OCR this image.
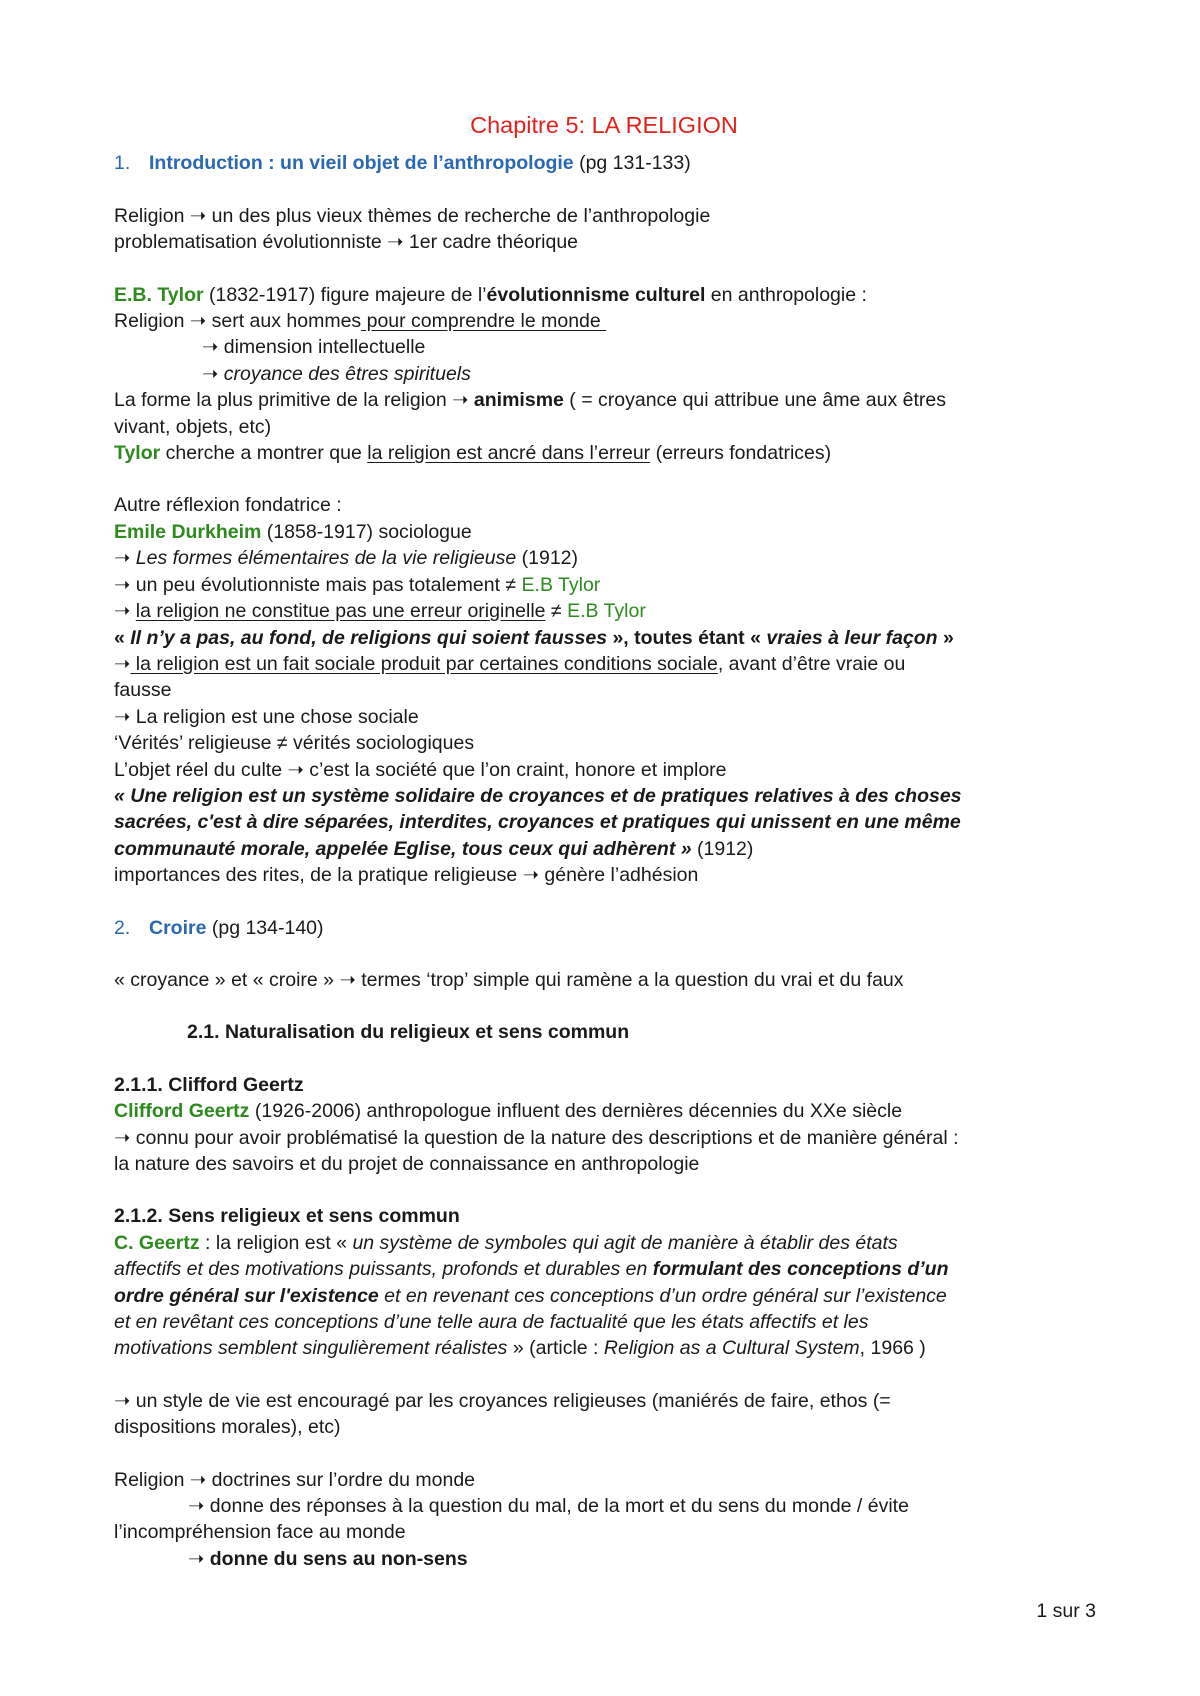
Chapitre 5: LA RELIGION
1. Introduction : un vieil objet de l’anthropologie (pg 131-133)
Religion ➝ un des plus vieux thèmes de recherche de l’anthropologie
problematisation évolutionniste ➝ 1er cadre théorique
E.B. Tylor (1832-1917) figure majeure de l’évolutionnisme culturel en anthropologie :
Religion ➝ sert aux hommes pour comprendre le monde
➝ dimension intellectuelle
➝ croyance des êtres spirituels
La forme la plus primitive de la religion ➝ animisme ( = croyance qui attribue une âme aux êtres
vivant, objets, etc)
Tylor cherche a montrer que la religion est ancré dans l’erreur (erreurs fondatrices)
Autre réflexion fondatrice :
Emile Durkheim (1858-1917) sociologue
➝ Les formes élémentaires de la vie religieuse (1912)
➝ un peu évolutionniste mais pas totalement ≠ E.B Tylor
➝ la religion ne constitue pas une erreur originelle ≠ E.B Tylor
« Il n’y a pas, au fond, de religions qui soient fausses », toutes étant « vraies à leur façon »
➝ la religion est un fait sociale produit par certaines conditions sociale, avant d’être vraie ou
fausse
➝ La religion est une chose sociale
‘Vérités’ religieuse ≠ vérités sociologiques
L’objet réel du culte ➝ c’est la société que l’on craint, honore et implore
« Une religion est un système solidaire de croyances et de pratiques relatives à des choses
sacrées, c'est à dire séparées, interdites, croyances et pratiques qui unissent en une même
communauté morale, appelée Eglise, tous ceux qui adhèrent » (1912)
importances des rites, de la pratique religieuse ➝ génère l’adhésion
2. Croire (pg 134-140)
« croyance » et « croire » ➝ termes ‘trop’ simple qui ramène a la question du vrai et du faux
2.1. Naturalisation du religieux et sens commun
2.1.1. Clifford Geertz
Clifford Geertz (1926-2006) anthropologue influent des dernières décennies du XXe siècle
➝ connu pour avoir problématisé la question de la nature des descriptions et de manière général :
la nature des savoirs et du projet de connaissance en anthropologie
2.1.2. Sens religieux et sens commun
C. Geertz : la religion est « un système de symboles qui agit de manière à établir des états
affectifs et des motivations puissants, profonds et durables en formulant des conceptions d’un
ordre général sur l'existence et en revenant ces conceptions d’un ordre général sur l’existence
et en revêtant ces conceptions d’une telle aura de factualité que les états affectifs et les
motivations semblent singulièrement réalistes » (article : Religion as a Cultural System, 1966 )
➝ un style de vie est encouragé par les croyances religieuses (maniérés de faire, ethos (=
dispositions morales), etc)
Religion ➝ doctrines sur l’ordre du monde
➝ donne des réponses à la question du mal, de la mort et du sens du monde / évite
l’incompréhension face au monde
➝ donne du sens au non-sens
1 sur 3
